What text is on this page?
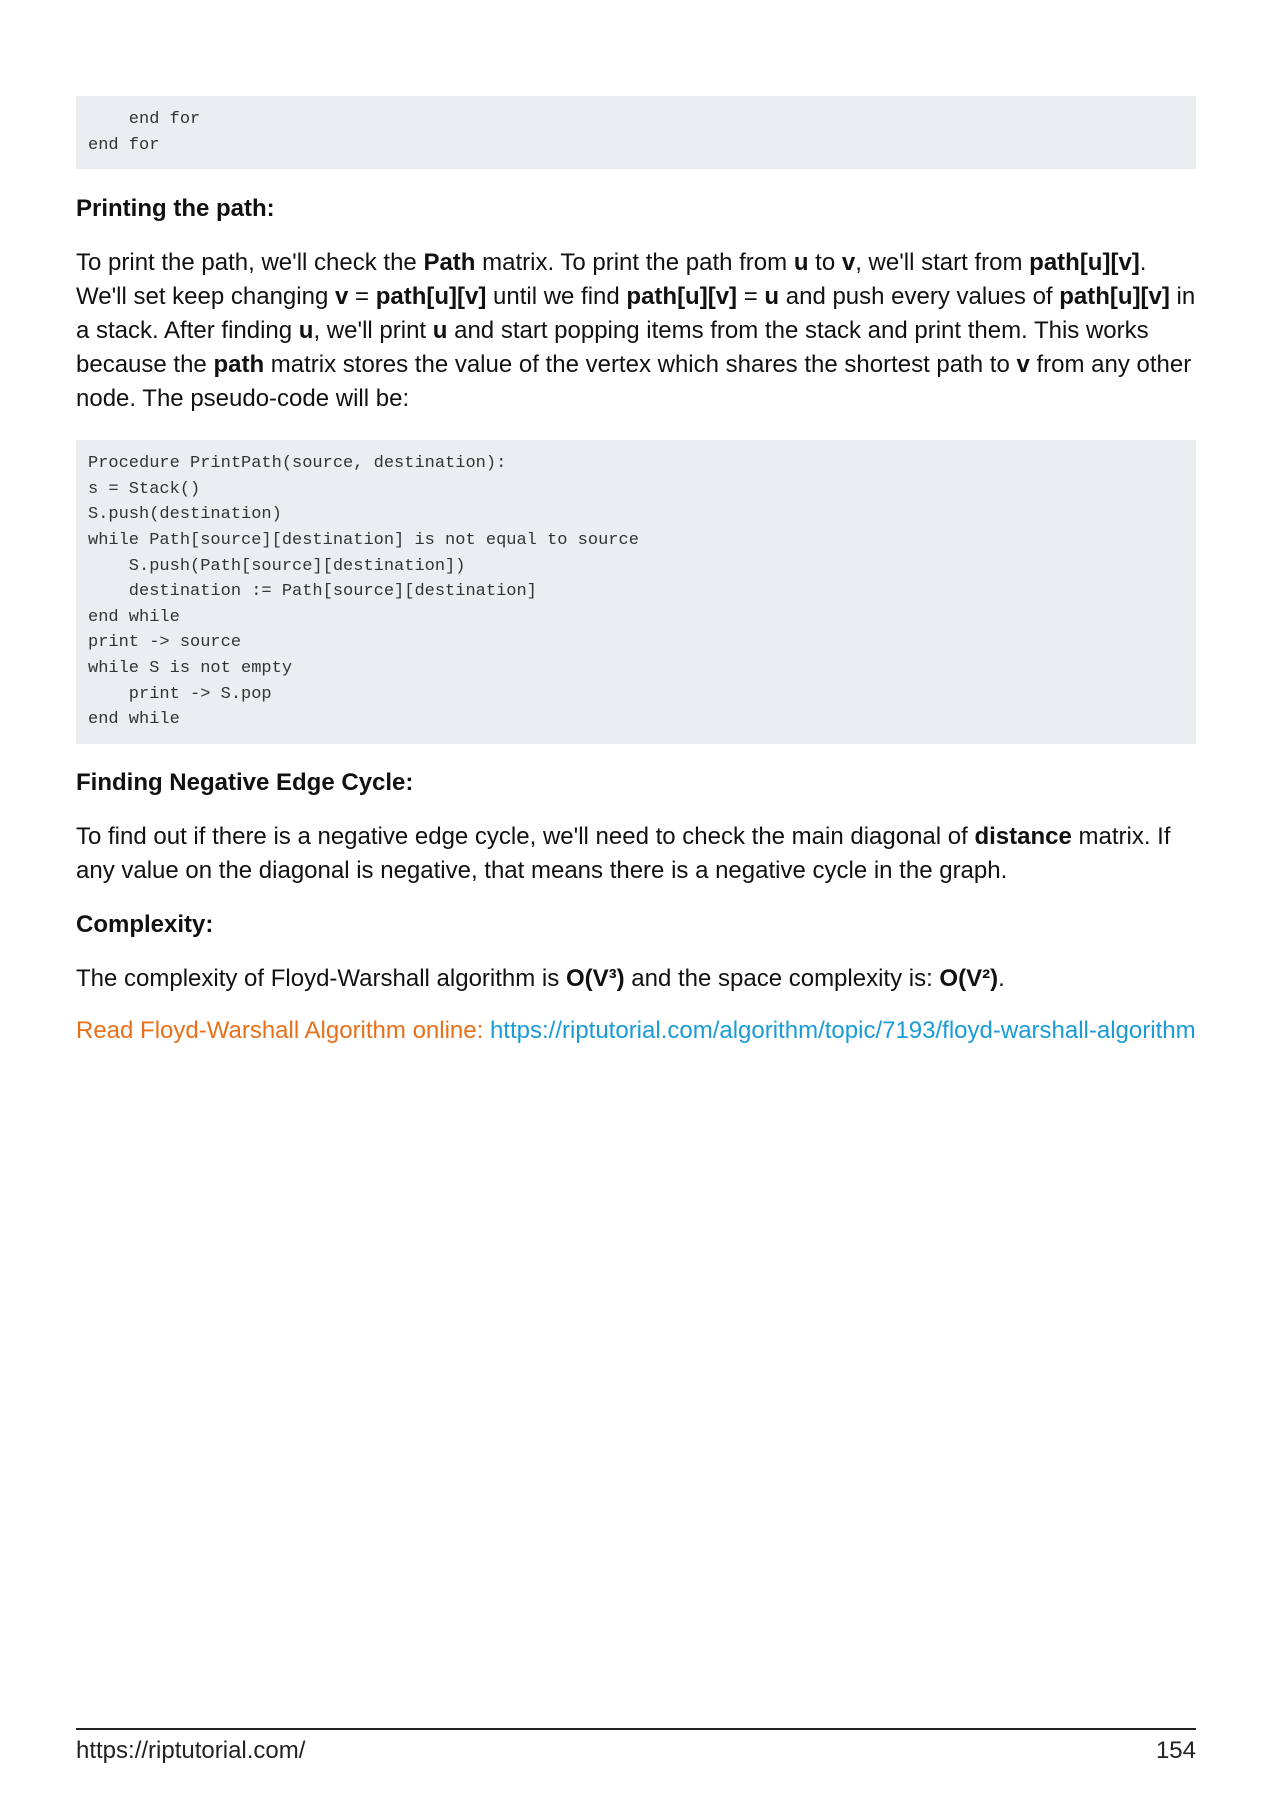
end for
end for
Printing the path:

To print the path, we'll check the Path matrix. To print the path from u to v, we'll start from path[u][v]. We'll set keep changing v = path[u][v] until we find path[u][v] = u and push every values of path[u][v] in a stack. After finding u, we'll print u and start popping items from the stack and print them. This works because the path matrix stores the value of the vertex which shares the shortest path to v from any other node. The pseudo-code will be:

Procedure PrintPath(source, destination):
s = Stack()
S.push(destination)
while Path[source][destination] is not equal to source
S.push(Path[source][destination])
destination := Path[source][destination]
end while
print -> source
while S is not empty
print -> S.pop
end while
Finding Negative Edge Cycle:

To find out if there is a negative edge cycle, we'll need to check the main diagonal of distance matrix. If any value on the diagonal is negative, that means there is a negative cycle in the graph.

Complexity:

The complexity of Floyd-Warshall algorithm is O(V³) and the space complexity is: O(V²).

Read Floyd-Warshall Algorithm online: https://riptutorial.com/algorithm/topic/7193/floyd-warshall-algorithm

https://riptutorial.com/	154
